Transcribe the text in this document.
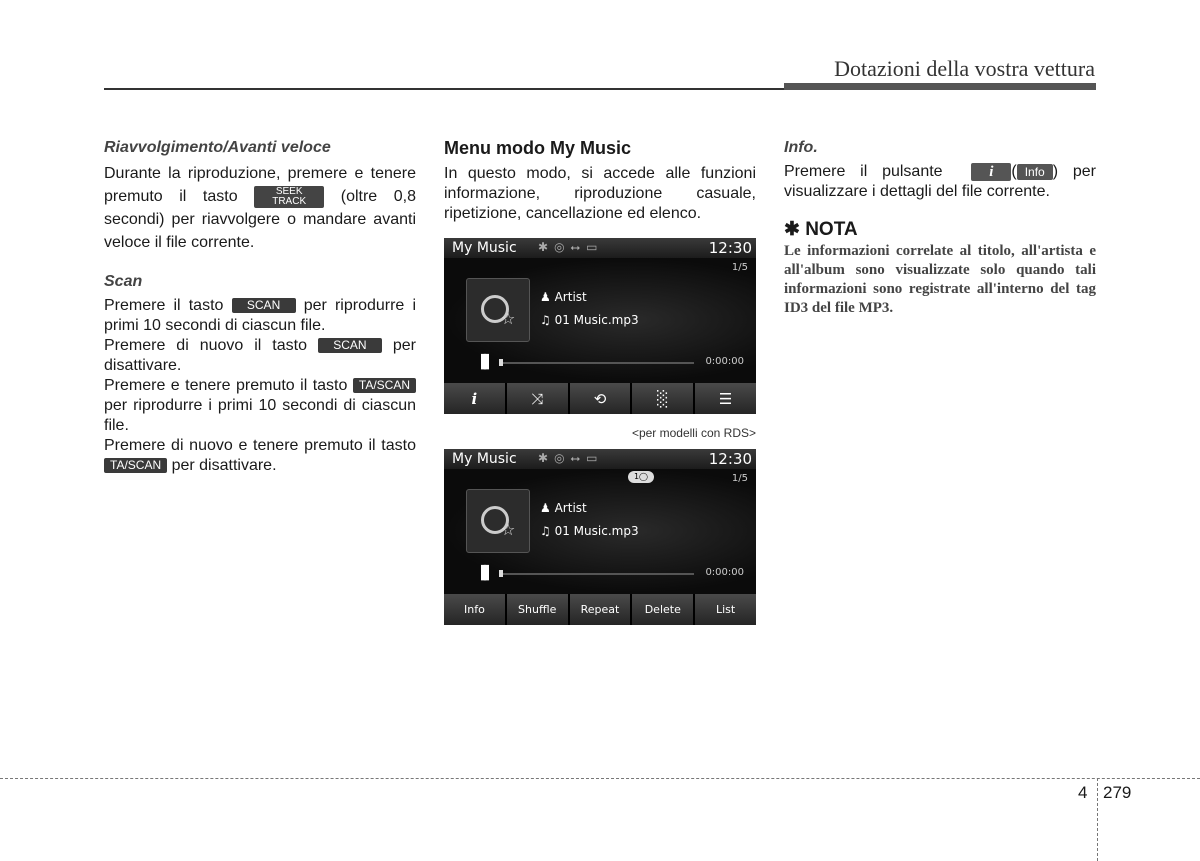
Dotazioni della vostra vettura
Riavvolgimento/Avanti veloce

Durante la riproduzione, premere e tenere premuto il tasto	SEEK
TRACK (oltre 0,8 secondi) per riavvolgere o mandare avanti veloce il file corrente.

Scan

Premere il tasto SCAN per riprodurre i primi 10 secondi di ciascun file.

Premere di nuovo il tasto SCAN per disattivare.

Premere e tenere premuto il tasto TA/SCAN per riprodurre i primi 10 secondi di ciascun file.

Premere di nuovo e tenere premuto il tasto TA/SCAN per disattivare.

Menu modo My Music

In questo modo, si accede alle funzioni informazione, riproduzione casuale, ripetizione, cancellazione ed elenco.

My Music ✱◎⭤▭	12:30
1/5
☆
♟ Artist
♫ 01 Music.mp3
▐▌	0:00:00
i	⤨	⟲	░	☰
<per modelli con RDS>
My Music ✱◎⭤▭	12:30
1◯	1/5
☆
♟ Artist
♫ 01 Music.mp3
▐▌	0:00:00
Info	Shuffle	Repeat	Delete	List
Info.

Premere il pulsante	i ( Info ) per visualizzare i dettagli del file corrente.

✱ NOTA
Le informazioni correlate al titolo, all'artista e all'album sono visualizzate solo quando tali informazioni sono registrate all'interno del tag ID3 del file MP3.
4 279
